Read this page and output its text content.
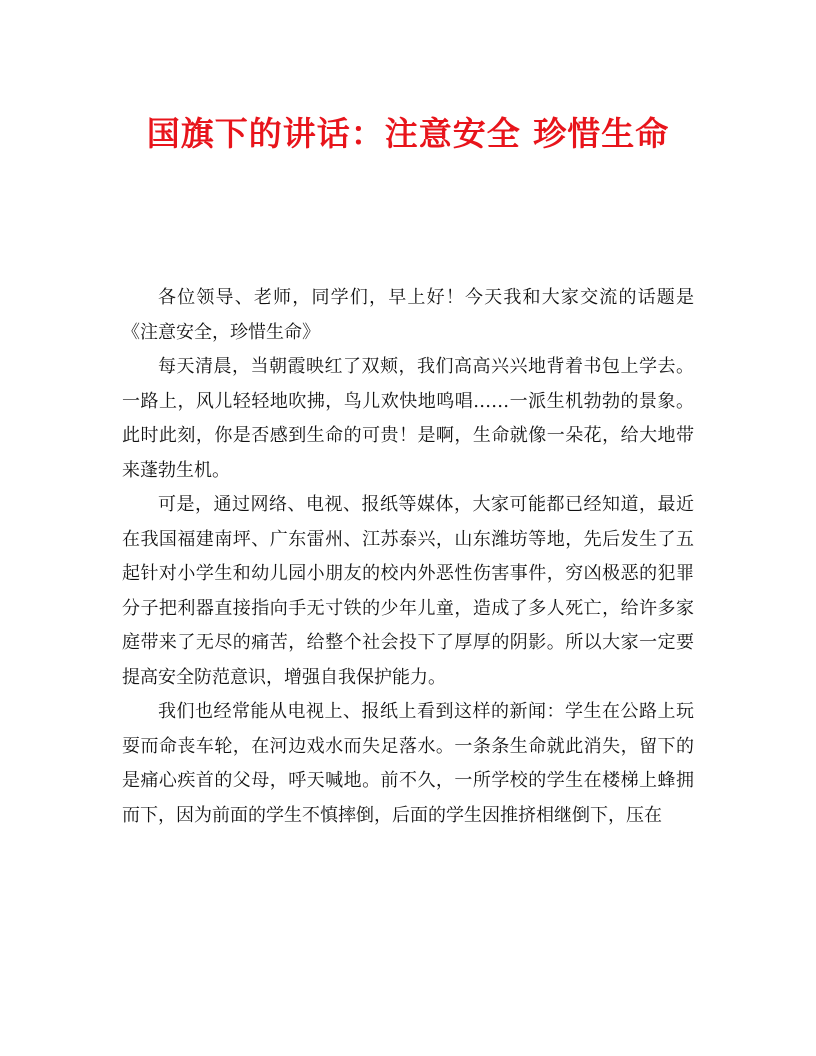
国旗下的讲话：注意安全 珍惜生命

各位领导、老师，同学们，早上好！今天我和大家交流的话题是《注意安全，珍惜生命》

每天清晨，当朝霞映红了双颊，我们高高兴兴地背着书包上学去。一路上，风儿轻轻地吹拂，鸟儿欢快地鸣唱……一派生机勃勃的景象。此时此刻，你是否感到生命的可贵！是啊，生命就像一朵花，给大地带来蓬勃生机。

可是，通过网络、电视、报纸等媒体，大家可能都已经知道，最近在我国福建南坪、广东雷州、江苏泰兴，山东潍坊等地，先后发生了五起针对小学生和幼儿园小朋友的校内外恶性伤害事件，穷凶极恶的犯罪分子把利器直接指向手无寸铁的少年儿童，造成了多人死亡，给许多家庭带来了无尽的痛苦，给整个社会投下了厚厚的阴影。所以大家一定要提高安全防范意识，增强自我保护能力。

我们也经常能从电视上、报纸上看到这样的新闻：学生在公路上玩耍而命丧车轮，在河边戏水而失足落水。一条条生命就此消失，留下的是痛心疾首的父母，呼天喊地。前不久，一所学校的学生在楼梯上蜂拥而下，因为前面的学生不慎摔倒，后面的学生因推挤相继倒下，压在
